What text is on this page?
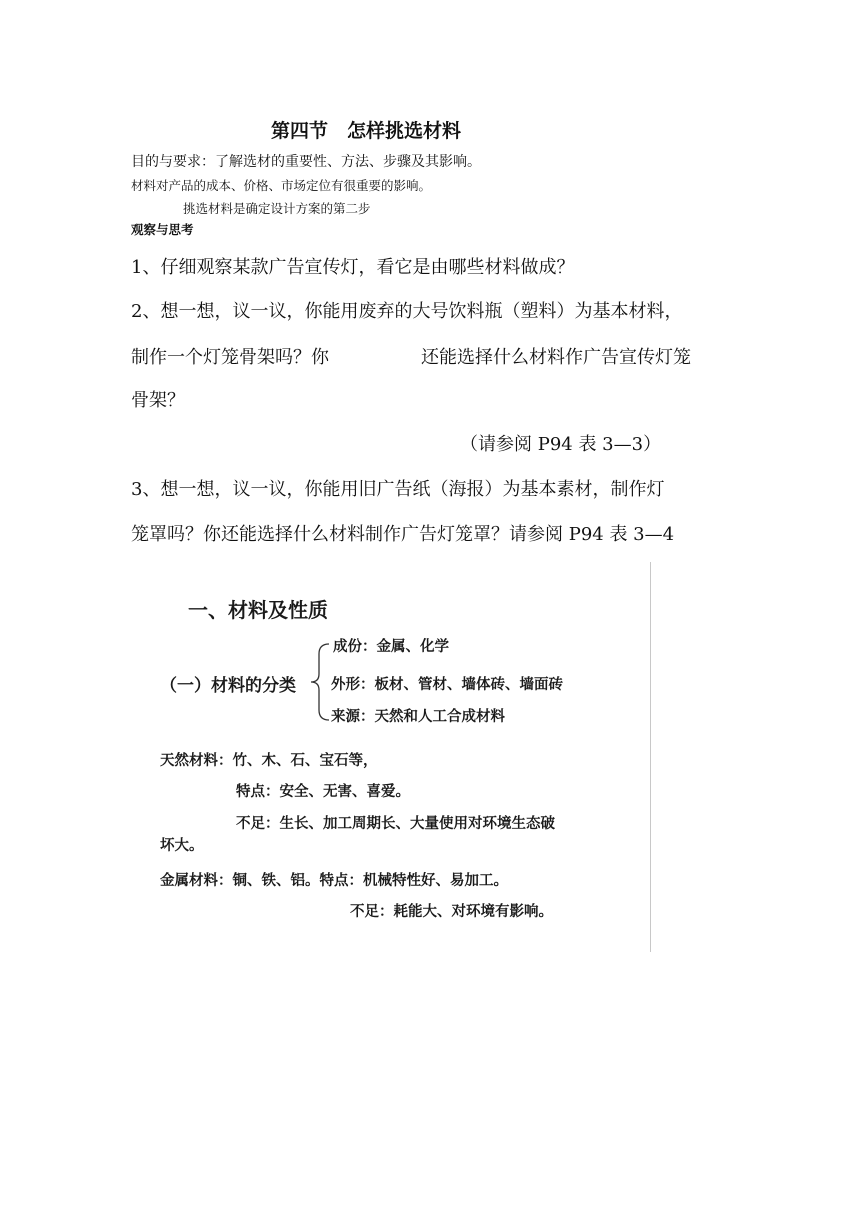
第四节　怎样挑选材料
目的与要求：了解选材的重要性、方法、步骤及其影响。
材料对产品的成本、价格、市场定位有很重要的影响。
挑选材料是确定设计方案的第二步
观察与思考
1、仔细观察某款广告宣传灯，看它是由哪些材料做成？
2、想一想，议一议，你能用废弃的大号饮料瓶（塑料）为基本材料，
制作一个灯笼骨架吗？你	还能选择什么材料作广告宣传灯笼
骨架？
（请参阅 P94 表 3—3）
3、想一想，议一议，你能用旧广告纸（海报）为基本素材，制作灯
笼罩吗？你还能选择什么材料制作广告灯笼罩？请参阅 P94 表 3—4
一、材料及性质
（一）材料的分类
成份：金属、化学
外形：板材、管材、墙体砖、墙面砖
来源：天然和人工合成材料
天然材料：竹、木、石、宝石等，
特点：安全、无害、喜爱。
不足：生长、加工周期长、大量使用对环境生态破
坏大。
金属材料：铜、铁、铝。特点：机械特性好、易加工。
不足：耗能大、对环境有影响。
